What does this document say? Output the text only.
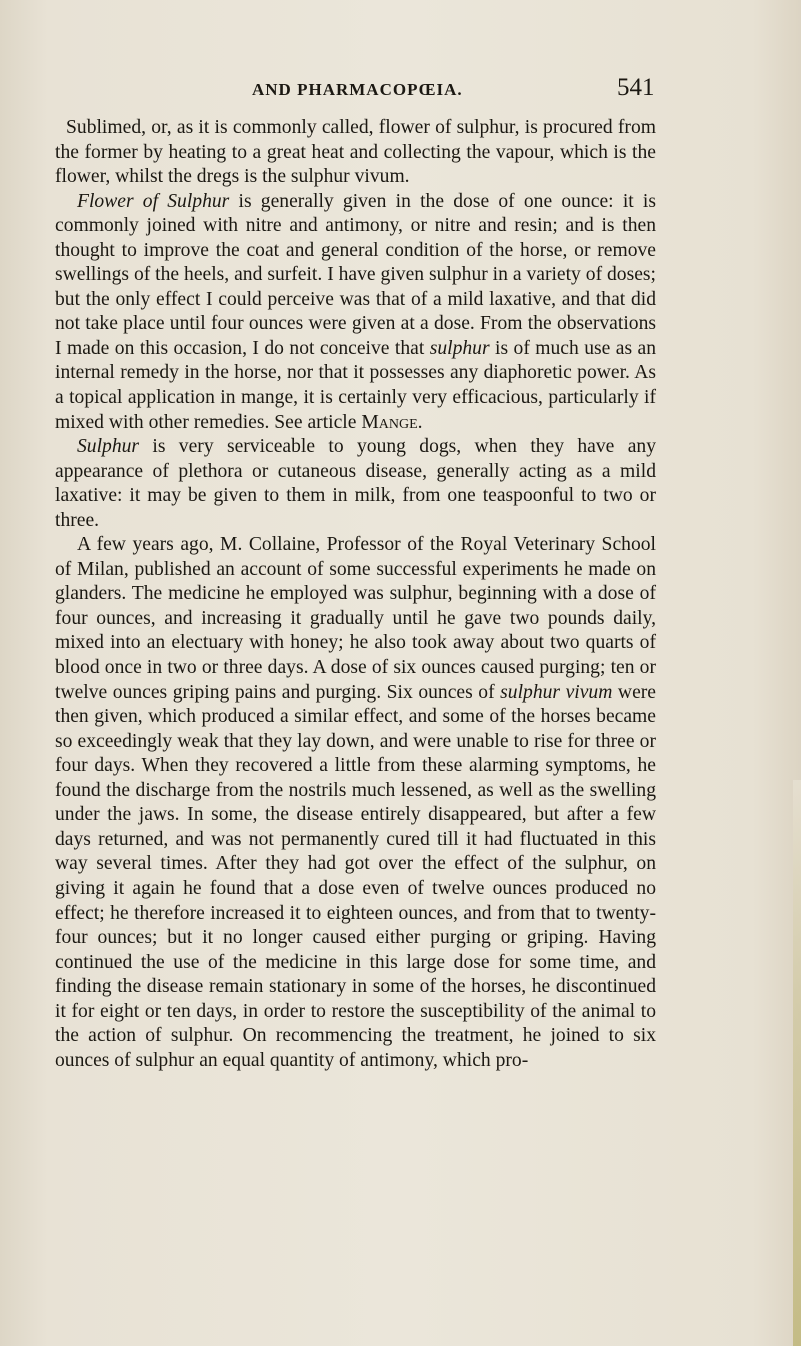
AND PHARMACOPŒIA.	541

Sublimed, or, as it is commonly called, flower of sulphur, is procured from the former by heating to a great heat and collecting the vapour, which is the flower, whilst the dregs is the sulphur vivum.

Flower of Sulphur is generally given in the dose of one ounce: it is commonly joined with nitre and antimony, or nitre and resin; and is then thought to improve the coat and general condition of the horse, or remove swellings of the heels, and surfeit. I have given sulphur in a variety of doses; but the only effect I could perceive was that of a mild laxative, and that did not take place until four ounces were given at a dose. From the observations I made on this occasion, I do not conceive that sulphur is of much use as an internal remedy in the horse, nor that it possesses any diaphoretic power. As a topical application in mange, it is certainly very efficacious, particularly if mixed with other remedies. See article Mange.

Sulphur is very serviceable to young dogs, when they have any appearance of plethora or cutaneous disease, generally acting as a mild laxative: it may be given to them in milk, from one teaspoonful to two or three.

A few years ago, M. Collaine, Professor of the Royal Veterinary School of Milan, published an account of some successful experiments he made on glanders. The medicine he employed was sulphur, beginning with a dose of four ounces, and increasing it gradually until he gave two pounds daily, mixed into an electuary with honey; he also took away about two quarts of blood once in two or three days. A dose of six ounces caused purging; ten or twelve ounces griping pains and purging. Six ounces of sulphur vivum were then given, which produced a similar effect, and some of the horses became so exceedingly weak that they lay down, and were unable to rise for three or four days. When they recovered a little from these alarming symptoms, he found the discharge from the nostrils much lessened, as well as the swelling under the jaws. In some, the disease entirely disappeared, but after a few days returned, and was not permanently cured till it had fluctuated in this way several times. After they had got over the effect of the sulphur, on giving it again he found that a dose even of twelve ounces produced no effect; he therefore increased it to eighteen ounces, and from that to twenty-four ounces; but it no longer caused either purging or griping. Having continued the use of the medicine in this large dose for some time, and finding the disease remain stationary in some of the horses, he discontinued it for eight or ten days, in order to restore the susceptibility of the animal to the action of sulphur. On recommencing the treatment, he joined to six ounces of sulphur an equal quantity of antimony, which pro-
